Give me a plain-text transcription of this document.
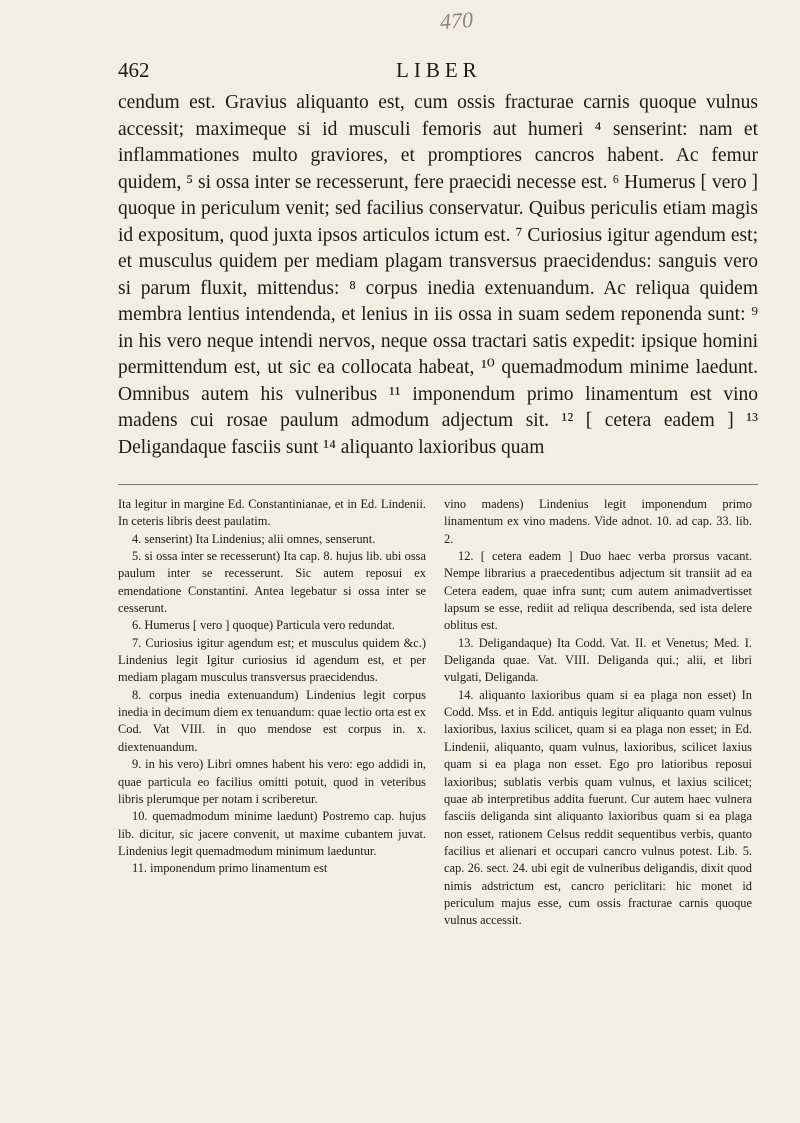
470
462	LIBER

cendum est. Gravius aliquanto est, cum ossis fracturae carnis quoque vulnus accessit; maximeque si id musculi femoris aut humeri ⁴ senserint: nam et inflammationes multo graviores, et promptiores cancros habent. Ac femur quidem, ⁵ si ossa inter se recesserunt, fere praecidi necesse est. ⁶ Humerus [ vero ] quoque in periculum venit; sed facilius conservatur. Quibus periculis etiam magis id expositum, quod juxta ipsos articulos ictum est. ⁷ Curiosius igitur agendum est; et musculus quidem per mediam plagam transversus praecidendus: sanguis vero si parum fluxit, mittendus: ⁸ corpus inedia extenuandum. Ac reliqua quidem membra lentius intendenda, et lenius in iis ossa in suam sedem reponenda sunt: ⁹ in his vero neque intendi nervos, neque ossa tractari satis expedit: ipsique homini permittendum est, ut sic ea collocata habeat, ¹⁰ quemadmodum minime laedunt. Omnibus autem his vulneribus ¹¹ imponendum primo linamentum est vino madens cui rosae paulum admodum adjectum sit. ¹² [ cetera eadem ] ¹³ Deligandaque fasciis sunt ¹⁴ aliquanto laxioribus quam

Ita legitur in margine Ed. Constantinianae, et in Ed. Lindenii. In ceteris libris deest paulatim.

4. senserint) Ita Lindenius; alii omnes, senserunt.

5. si ossa inter se recesserunt) Ita cap. 8. hujus lib. ubi ossa paulum inter se recesserunt. Sic autem reposui ex emendatione Constantini. Antea legebatur si ossa inter se cesserunt.

6. Humerus [ vero ] quoque) Particula vero redundat.

7. Curiosius igitur agendum est; et musculus quidem &c.) Lindenius legit Igitur curiosius id agendum est, et per mediam plagam musculus transversus praecidendus.

8. corpus inedia extenuandum) Lindenius legit corpus inedia in decimum diem ex tenuandum: quae lectio orta est ex Cod. Vat VIII. in quo mendose est corpus in. x. diextenuandum.

9. in his vero) Libri omnes habent his vero: ego addidi in, quae particula eo facilius omitti potuit, quod in veteribus libris plerumque per notam i scriberetur.

10. quemadmodum minime laedunt) Postremo cap. hujus lib. dicitur, sic jacere convenit, ut maxime cubantem juvat. Lindenius legit quemadmodum minimum laeduntur.

11. imponendum primo linamentum est

vino madens) Lindenius legit imponendum primo linamentum ex vino madens. Vide adnot. 10. ad cap. 33. lib. 2.

12. [ cetera eadem ] Duo haec verba prorsus vacant. Nempe librarius a praecedentibus adjectum sit transiit ad ea Cetera eadem, quae infra sunt; cum autem animadvertisset lapsum se esse, rediit ad reliqua describenda, sed ista delere oblitus est.

13. Deligandaque) Ita Codd. Vat. II. et Venetus; Med. I. Deliganda quae. Vat. VIII. Deliganda qui.; alii, et libri vulgati, Deliganda.

14. aliquanto laxioribus quam si ea plaga non esset) In Codd. Mss. et in Edd. antiquis legitur aliquanto quam vulnus laxioribus, laxius scilicet, quam si ea plaga non esset; in Ed. Lindenii, aliquanto, quam vulnus, laxioribus, scilicet laxius quam si ea plaga non esset. Ego pro latioribus reposui laxioribus; sublatis verbis quam vulnus, et laxius scilicet; quae ab interpretibus addita fuerunt. Cur autem haec vulnera fasciis deliganda sint aliquanto laxioribus quam si ea plaga non esset, rationem Celsus reddit sequentibus verbis, quanto facilius et alienari et occupari cancro vulnus potest. Lib. 5. cap. 26. sect. 24. ubi egit de vulneribus deligandis, dixit quod nimis adstrictum est, cancro periclitari: hic monet id periculum majus esse, cum ossis fracturae carnis quoque vulnus accessit.
